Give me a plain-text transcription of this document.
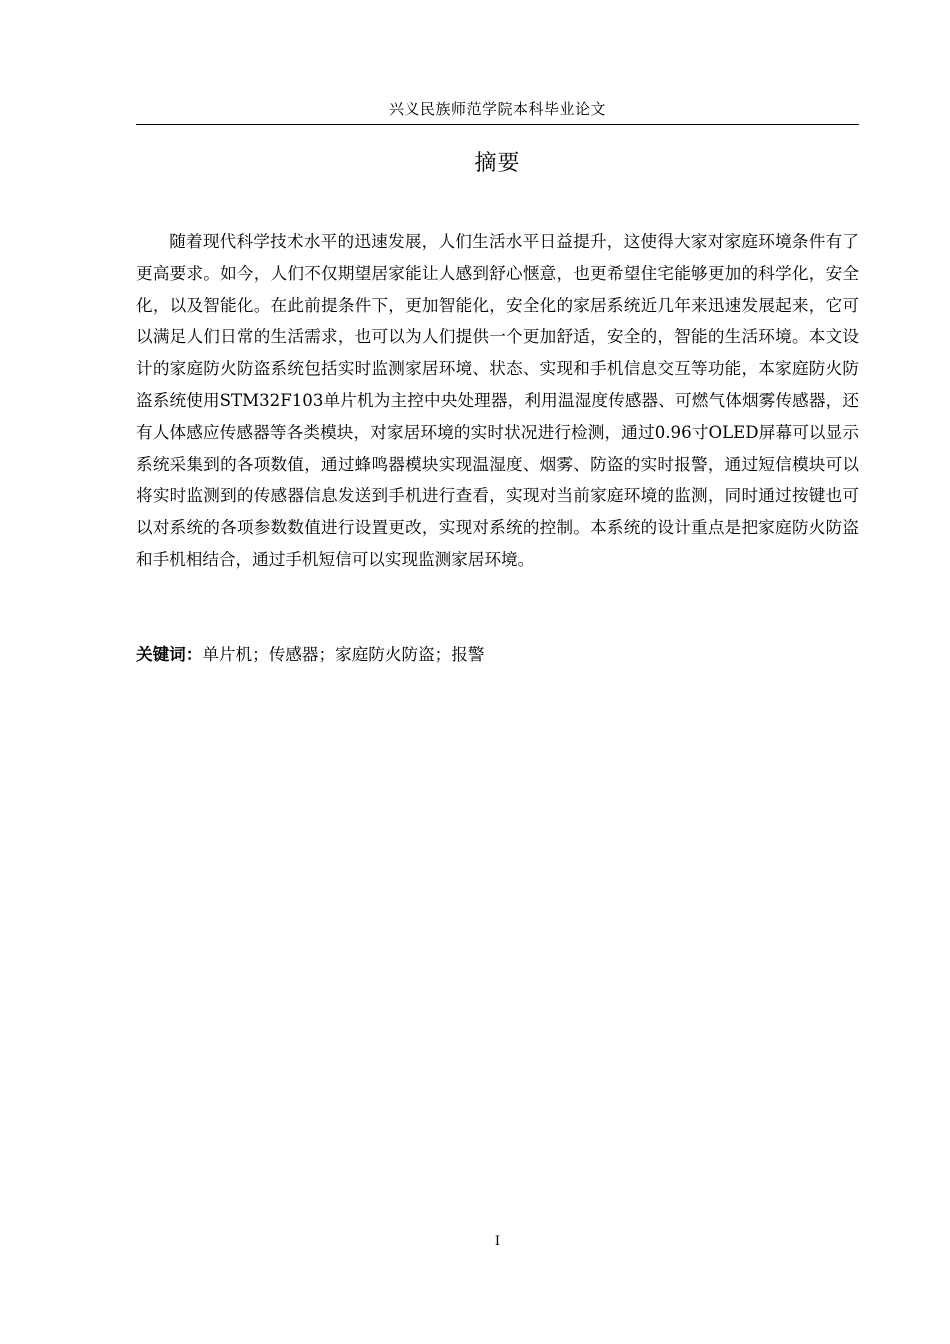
兴义民族师范学院本科毕业论文
摘要

随着现代科学技术水平的迅速发展，人们生活水平日益提升，这使得大家对家庭环境条件有了更高要求。如今，人们不仅期望居家能让人感到舒心惬意，也更希望住宅能够更加的科学化，安全化，以及智能化。在此前提条件下，更加智能化，安全化的家居系统近几年来迅速发展起来，它可以满足人们日常的生活需求，也可以为人们提供一个更加舒适，安全的，智能的生活环境。本文设计的家庭防火防盗系统包括实时监测家居环境、状态、实现和手机信息交互等功能，本家庭防火防盗系统使用STM32F103单片机为主控中央处理器，利用温湿度传感器、可燃气体烟雾传感器，还有人体感应传感器等各类模块，对家居环境的实时状况进行检测，通过0.96寸OLED屏幕可以显示系统采集到的各项数值，通过蜂鸣器模块实现温湿度、烟雾、防盗的实时报警，通过短信模块可以将实时监测到的传感器信息发送到手机进行查看，实现对当前家庭环境的监测，同时通过按键也可以对系统的各项参数数值进行设置更改，实现对系统的控制。本系统的设计重点是把家庭防火防盗和手机相结合，通过手机短信可以实现监测家居环境。

关键词：单片机；传感器；家庭防火防盗；报警
I
